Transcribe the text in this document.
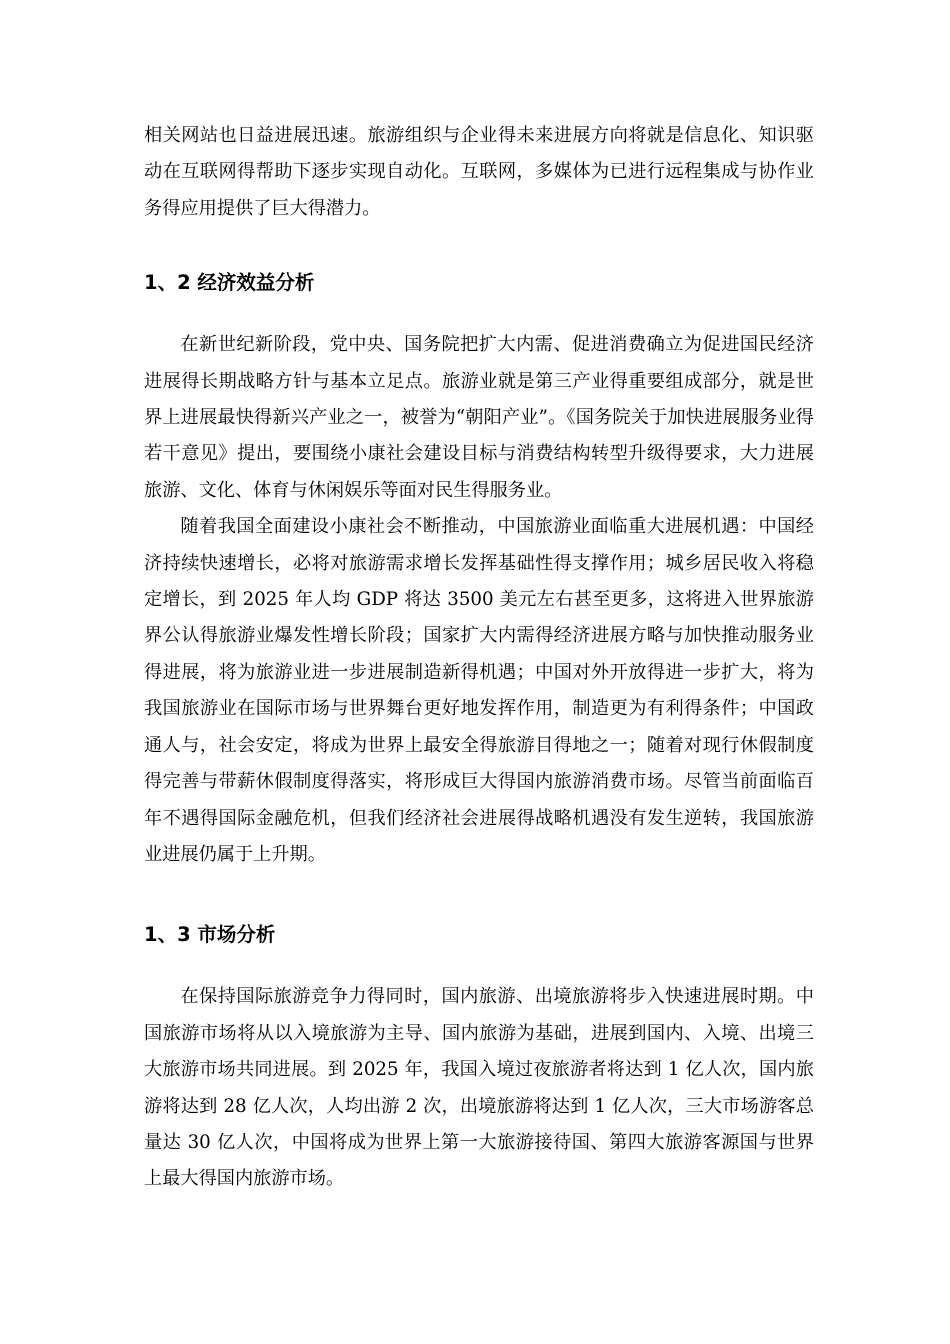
相关网站也日益进展迅速。旅游组织与企业得未来进展方向将就是信息化、知识驱动在互联网得帮助下逐步实现自动化。互联网，多媒体为已进行远程集成与协作业务得应用提供了巨大得潜力。

1、2 经济效益分析

在新世纪新阶段，党中央、国务院把扩大内需、促进消费确立为促进国民经济进展得长期战略方针与基本立足点。旅游业就是第三产业得重要组成部分，就是世界上进展最快得新兴产业之一，被誉为“朝阳产业”。《国务院关于加快进展服务业得若干意见》提出，要围绕小康社会建设目标与消费结构转型升级得要求，大力进展旅游、文化、体育与休闲娱乐等面对民生得服务业。

随着我国全面建设小康社会不断推动，中国旅游业面临重大进展机遇：中国经济持续快速增长，必将对旅游需求增长发挥基础性得支撑作用；城乡居民收入将稳定增长，到 2025 年人均 GDP 将达 3500 美元左右甚至更多，这将进入世界旅游界公认得旅游业爆发性增长阶段；国家扩大内需得经济进展方略与加快推动服务业得进展，将为旅游业进一步进展制造新得机遇；中国对外开放得进一步扩大，将为我国旅游业在国际市场与世界舞台更好地发挥作用，制造更为有利得条件；中国政通人与，社会安定，将成为世界上最安全得旅游目得地之一；随着对现行休假制度得完善与带薪休假制度得落实，将形成巨大得国内旅游消费市场。尽管当前面临百年不遇得国际金融危机，但我们经济社会进展得战略机遇没有发生逆转，我国旅游业进展仍属于上升期。

1、3 市场分析

在保持国际旅游竞争力得同时，国内旅游、出境旅游将步入快速进展时期。中国旅游市场将从以入境旅游为主导、国内旅游为基础，进展到国内、入境、出境三大旅游市场共同进展。到 2025 年，我国入境过夜旅游者将达到 1 亿人次，国内旅游将达到 28 亿人次，人均出游 2 次，出境旅游将达到 1 亿人次，三大市场游客总量达 30 亿人次，中国将成为世界上第一大旅游接待国、第四大旅游客源国与世界上最大得国内旅游市场。
